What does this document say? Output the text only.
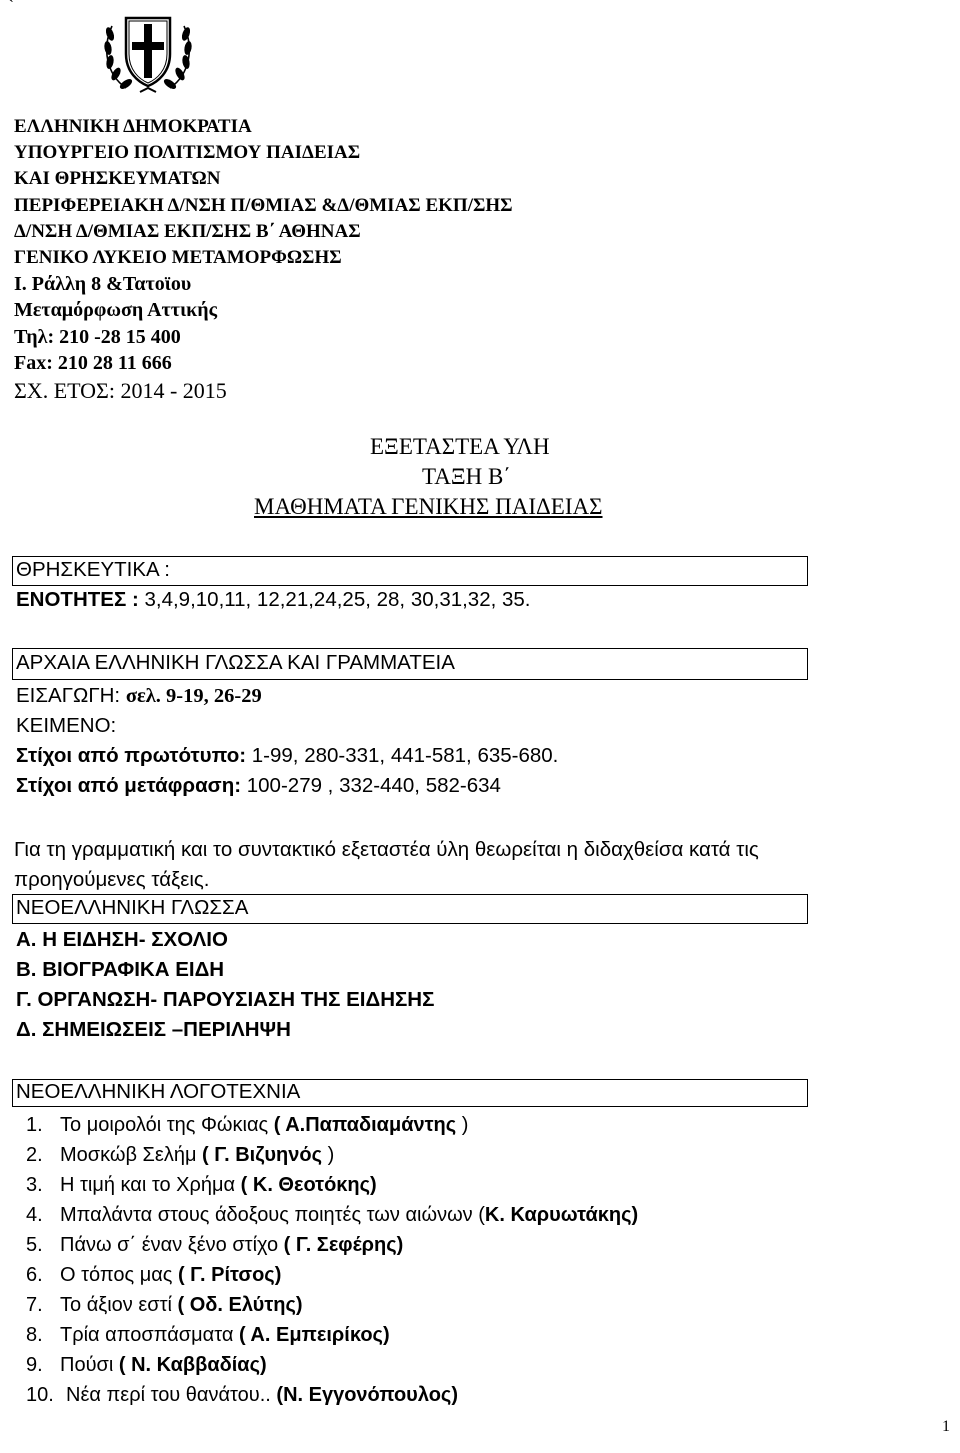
`
ΕΛΛΗΝΙΚΗ ΔΗΜΟΚΡΑΤΙΑ
ΥΠΟΥΡΓΕΙΟ ΠΟΛΙΤΙΣΜΟΥ ΠΑΙΔΕΙΑΣ
ΚΑΙ ΘΡΗΣΚΕΥΜΑΤΩΝ
ΠΕΡΙΦΕΡΕΙΑΚΗ Δ/ΝΣΗ Π/ΘΜΙΑΣ &Δ/ΘΜΙΑΣ ΕΚΠ/ΣΗΣ
Δ/ΝΣΗ Δ/ΘΜΙΑΣ ΕΚΠ/ΣΗΣ Β΄ ΑΘΗΝΑΣ
ΓΕΝΙΚΟ ΛΥΚΕΙΟ ΜΕΤΑΜΟΡΦΩΣΗΣ
Ι. Ράλλη 8 &Τατοϊου
Μεταμόρφωση Αττικής
Τηλ: 210 -28 15 400
Fax: 210 28 11 666
ΣΧ. ΕΤΟΣ: 2014 - 2015
ΕΞΕΤΑΣΤΕΑ ΥΛΗ
ΤΑΞΗ Β΄
ΜΑΘΗΜΑΤΑ ΓΕΝΙΚΗΣ ΠΑΙΔΕΙΑΣ
ΘΡΗΣΚΕΥΤΙΚΑ :
ΕΝΟΤΗΤΕΣ : 3,4,9,10,11, 12,21,24,25, 28, 30,31,32, 35.
ΑΡΧΑΙΑ ΕΛΛΗΝΙΚΗ ΓΛΩΣΣΑ ΚΑΙ ΓΡΑΜΜΑΤΕΙΑ
ΕΙΣΑΓΩΓΗ: σελ. 9-19, 26-29
ΚΕΙΜΕΝΟ:
Στίχοι από πρωτότυπο: 1-99, 280-331, 441-581, 635-680.
Στίχοι από μετάφραση: 100-279 , 332-440, 582-634
Για τη γραμματική και το συντακτικό εξεταστέα ύλη θεωρείται η διδαχθείσα κατά τις
προηγούμενες τάξεις.
ΝΕΟΕΛΛΗΝΙΚΗ ΓΛΩΣΣΑ
Α. Η ΕΙΔΗΣΗ- ΣΧΟΛΙΟ
Β. ΒΙΟΓΡΑΦΙΚΑ ΕΙΔΗ
Γ. ΟΡΓΑΝΩΣΗ- ΠΑΡΟΥΣΙΑΣΗ ΤΗΣ ΕΙΔΗΣΗΣ
Δ. ΣΗΜΕΙΩΣΕΙΣ –ΠΕΡΙΛΗΨΗ
ΝΕΟΕΛΛΗΝΙΚΗ ΛΟΓΟΤΕΧΝΙΑ
1. Το μοιρολόι της Φώκιας ( Α.Παπαδιαμάντης )
2. Μοσκώβ Σελήμ ( Γ. Βιζυηνός )
3. Η τιμή και το Χρήμα ( Κ. Θεοτόκης)
4. Μπαλάντα στους άδοξους ποιητές των αιώνων (Κ. Καρυωτάκης)
5. Πάνω σ΄ έναν ξένο στίχο ( Γ. Σεφέρης)
6. Ο τόπος μας ( Γ. Ρίτσος)
7. Το άξιον εστί ( Οδ. Ελύτης)
8. Τρία αποσπάσματα ( Α. Εμπειρίκος)
9. Πούσι ( Ν. Καββαδίας)
10. Νέα περί του θανάτου.. (Ν. Εγγονόπουλος)
1
